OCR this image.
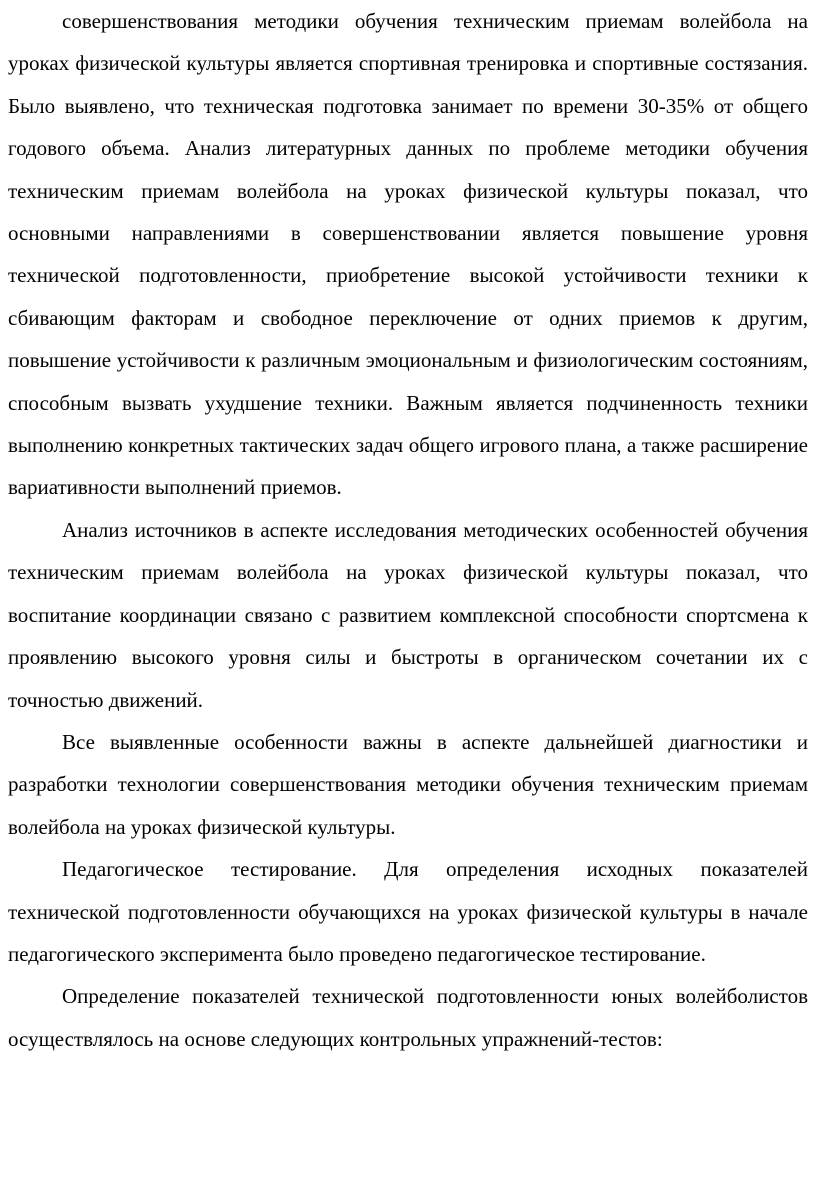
совершенствования методики обучения техническим приемам волейбола на уроках физической культуры является спортивная тренировка и спортивные состязания. Было выявлено, что техническая подготовка занимает по времени 30-35% от общего годового объема. Анализ литературных данных по проблеме методики обучения техническим приемам волейбола на уроках физической культуры показал, что основными направлениями в совершенствовании является повышение уровня технической подготовленности, приобретение высокой устойчивости техники к сбивающим факторам и свободное переключение от одних приемов к другим, повышение устойчивости к различным эмоциональным и физиологическим состояниям, способным вызвать ухудшение техники. Важным является подчиненность техники выполнению конкретных тактических задач общего игрового плана, а также расширение вариативности выполнений приемов.

Анализ источников в аспекте исследования методических особенностей обучения техническим приемам волейбола на уроках физической культуры показал, что воспитание координации связано с развитием комплексной способности спортсмена к проявлению высокого уровня силы и быстроты в органическом сочетании их с точностью движений.

Все выявленные особенности важны в аспекте дальнейшей диагностики и разработки технологии совершенствования методики обучения техническим приемам волейбола на уроках физической культуры.

Педагогическое тестирование. Для определения исходных показателей технической подготовленности обучающихся на уроках физической культуры в начале педагогического эксперимента было проведено педагогическое тестирование.

Определение показателей технической подготовленности юных волейболистов осуществлялось на основе следующих контрольных упражнений-тестов:
